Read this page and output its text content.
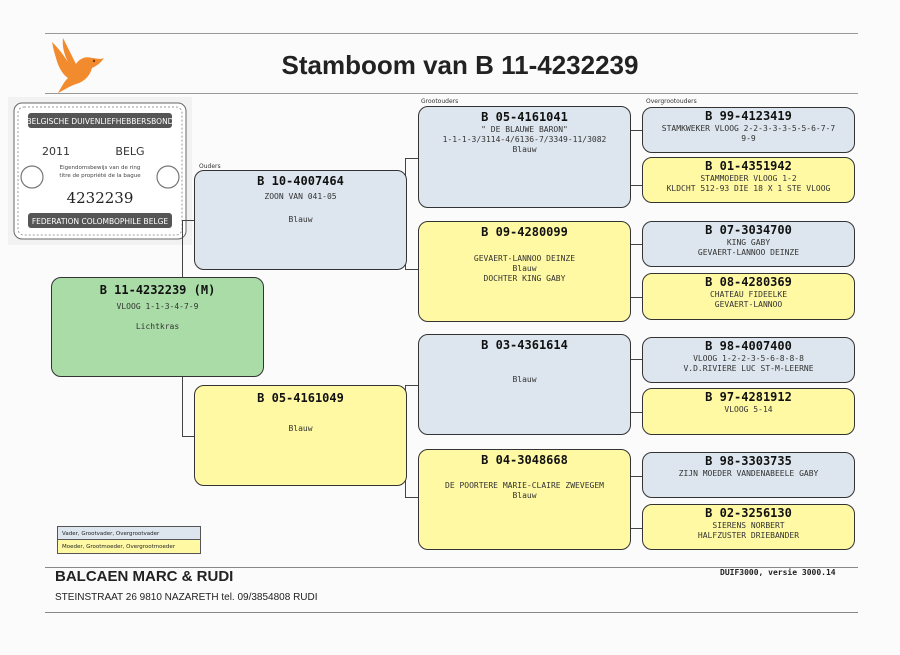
Stamboom van B 11-4232239
Ouders
Grootouders	Overgrootouders
BELGISCHE DUIVENLIEFHEBBERSBOND
2011	BELG
Eigendomsbewijs van de ring
titre de propriété de la bague
4232239
FEDERATION COLOMBOPHILE BELGE
B 11-4232239 (M)
VLOOG 1-1-3-4-7-9
Lichtkras
B 10-4007464
ZOON VAN 041-05
Blauw
B 05-4161049
Blauw
B 05-4161041
" DE BLAUWE BARON"
1-1-1-3/3114-4/6136-7/3349-11/3082
Blauw
B 09-4280099
GEVAERT-LANNOO DEINZE
Blauw
DOCHTER KING GABY
B 03-4361614
Blauw
B 04-3048668
DE POORTERE MARIE-CLAIRE ZWEVEGEM
Blauw
B 99-4123419
STAMKWEKER VLOOG 2-2-3-3-3-5-5-6-7-7
9-9
B 01-4351942
STAMMOEDER VLOOG 1-2
KLDCHT 512-93 DIE 18 X 1 STE VLOOG
B 07-3034700
KING GABY
GEVAERT-LANNOO DEINZE
B 08-4280369
CHATEAU FIDEELKE
GEVAERT-LANNOO
B 98-4007400
VLOOG 1-2-2-3-5-6-8-8-8
V.D.RIVIERE LUC ST-M-LEERNE
B 97-4281912
VLOOG 5-14
B 98-3303735
ZIJN MOEDER VANDENABEELE GABY
B 02-3256130
SIERENS NORBERT
HALFZUSTER DRIEBANDER
Vader, Grootvader, Overgrootvader
Moeder, Grootmoeder, Overgrootmoeder
BALCAEN MARC & RUDI	DUIF3000, versie 3000.14
STEINSTRAAT 26 9810 NAZARETH tel. 09/3854808 RUDI
